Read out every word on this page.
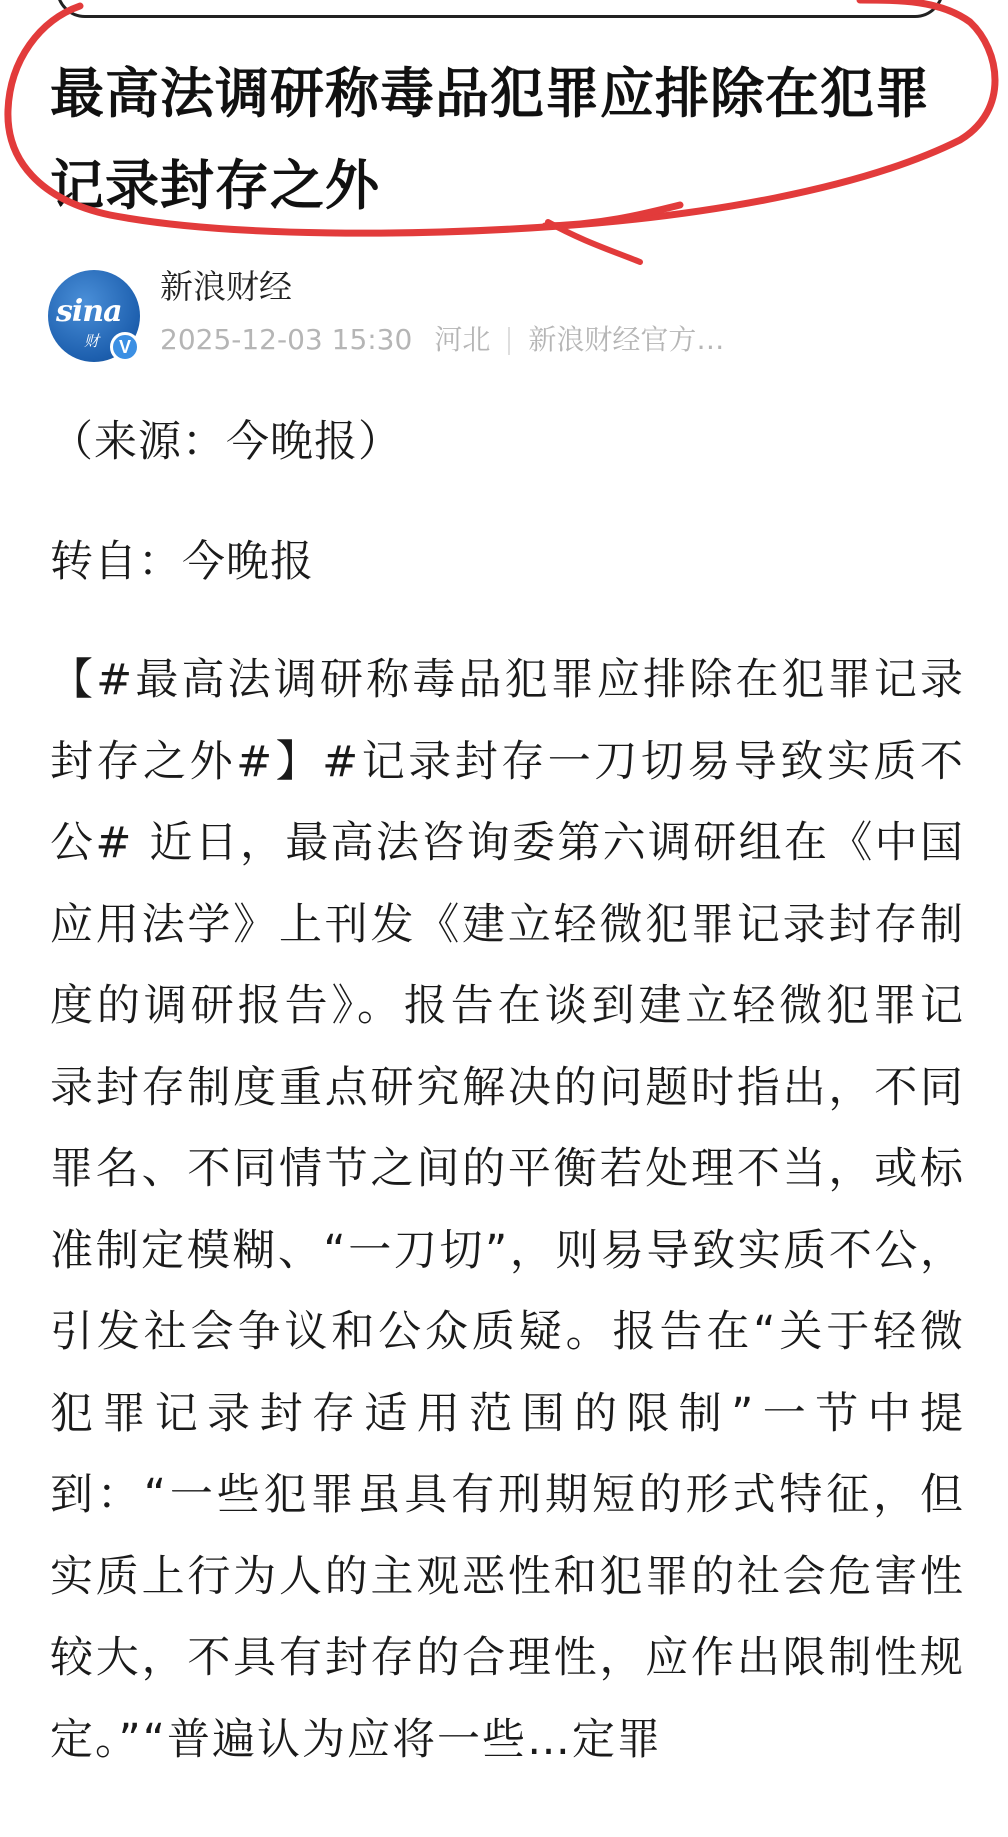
最高法调研称毒品犯罪应排除在犯罪记录封存之外
sina
财	V
新浪财经
2025-12-03 15:30 河北 新浪财经官方…

（来源：今晚报）

转自：今晚报

【#最高法调研称毒品犯罪应排除在犯罪记录封存之外#】#记录封存一刀切易导致实质不公# 近日，最高法咨询委第六调研组在《中国应用法学》上刊发《建立轻微犯罪记录封存制度的调研报告》。报告在谈到建立轻微犯罪记录封存制度重点研究解决的问题时指出，不同罪名、不同情节之间的平衡若处理不当，或标准制定模糊、“一刀切”，则易导致实质不公，引发社会争议和公众质疑。报告在“关于轻微犯罪记录封存适用范围的限制”一节中提到：“一些犯罪虽具有刑期短的形式特征，但实质上行为人的主观恶性和犯罪的社会危害性较大，不具有封存的合理性，应作出限制性规定。”“普遍认为应将一些…定罪
